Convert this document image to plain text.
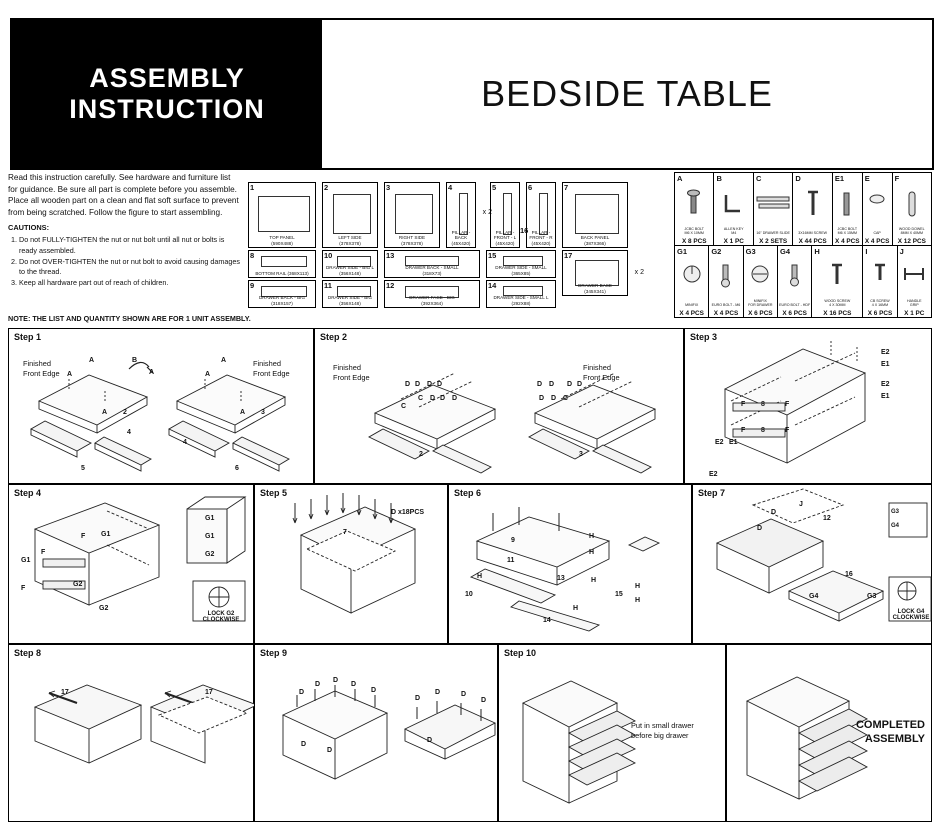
ASSEMBLY
INSTRUCTION	BEDSIDE TABLE

Read this instruction carefully. See hardware and furniture list for guidance. Be sure all part is complete before you assemble. Place all wooden part on a clean and flat soft surface to prevent from being scratched. Follow the figure to start assembling.

CAUTIONS:
1. Do not FULLY-TIGHTEN the nut or nut bolt until all nut or bolts is ready assembled.
2. Do not OVER-TIGHTEN the nut or nut bolt to avoid causing damages to the thread.
3. Keep all hardware part out of reach of children.
NOTE: THE LIST AND QUANTITY SHOWN ARE FOR 1 UNIT ASSEMBLY.
1
TOP PANEL
(590X488)
2
LEFT SIDE
(378X378)
3
RIGHT SIDE
(378X378)
4
PILLAR - BACK
(45X420)
x 2
5
PILLAR - FRONT - L
(45X420)
6
PILLAR - FRONT - R
(45X420)
7
BACK PANEL
(387X366)
8
BOTTOM RAIL (368X113)
10
DRAWER SIDE - BIG L
(356X148)
13
DRAWER BACK - SMALL
(318X73)
15
DRAWER SIDE - SMALL
(365X85)
17
DRAWER BASE
(345X341)
x 2
9
DRAWER BACK - BIG (318X157)
11
DRAWER SIDE - BIG
(356X148)
12
DRAWER FACE - BIG
(392X364)
14
DRAWER SIDE - SMALL L
(292X88)
16
A
JCBC BOLT
M6 X 10MM
X 8 PCS
B
ALLEN KEY
M4
X 1 PC
C
16" DRAWER SLIDE
X 2 SETS
D
3X16MM SCREW
X 44 PCS
E1
JCBC BOLT
M6 X 15MM
X 4 PCS
E
CAP
X 4 PCS
F
WOOD DOWEL
8MM X 40MM
X 12 PCS
G1
MINIFIX
X 4 PCS
G2
EURO BOLT - M6
X 4 PCS
G3
MINIFIX
FOR DRAWER
X 6 PCS
G4
EURO BOLT - HDF
X 6 PCS
H
WOOD SCREW
4 X 30MM
X 16 PCS
I
CB SCREW
4 X 16MM
X 6 PCS
J
HANDLE
GRIP
X 1 PC
Step 1
Finished
Front Edge
Finished
Front Edge
A	B
A
A
A
A
A
A
2	3
4
4
5	6
Step 2
Finished
Front Edge
Finished
Front Edge
D D D D
C
C D D D
D D D D
D D C
2	3
Step 3
E2
E1
E2
E1
F	F
8
F	F
8
E2 E1
E2
Step 4
G1
F
F G1
F
G2
G2
G1
G1
G2
LOCK G2
CLOCKWISE
Step 5
7
D x18PCS
Step 6
9
H
H
11
H
10
13	H
15
H
H
14
H
Step 7
D
D
J
12
16
G4	G3
G3
G4
LOCK G4
CLOCKWISE
Step 8
17	17
Step 9
D
D
D
D
D
D
D
D
D	D
D
D
Step 10
Put in small drawer
before big drawer
COMPLETED
ASSEMBLY
